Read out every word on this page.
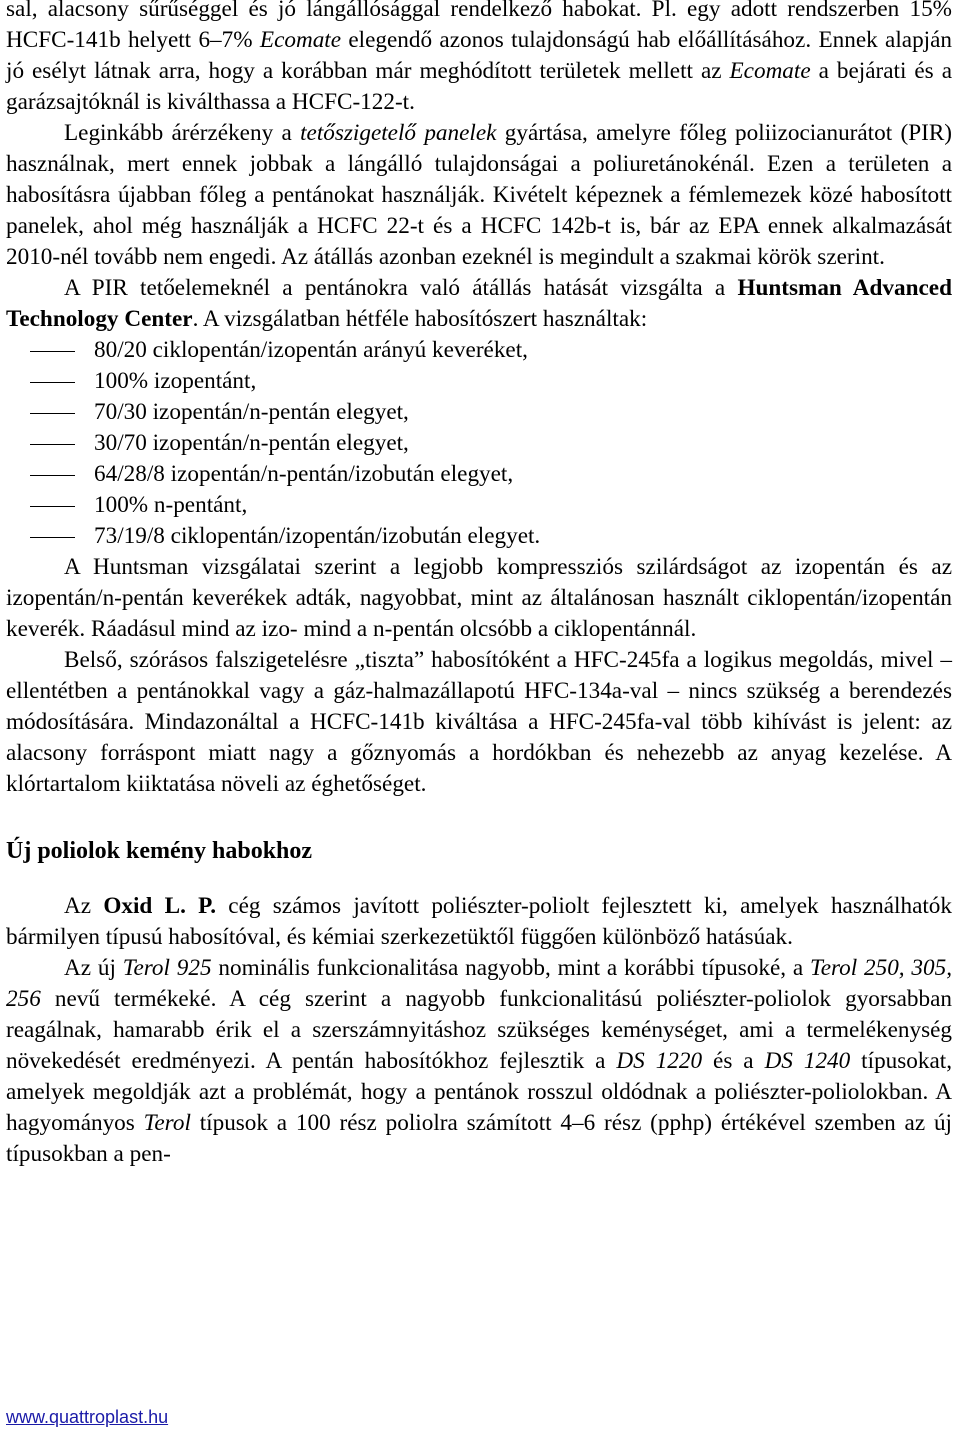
sal, alacsony sűrűséggel és jó lángállósággal rendelkező habokat. Pl. egy adott rendszerben 15% HCFC-141b helyett 6–7% Ecomate elegendő azonos tulajdonságú hab előállításához. Ennek alapján jó esélyt látnak arra, hogy a korábban már meghódított területek mellett az Ecomate a bejárati és a garázsajtóknál is kiválthassa a HCFC-122-t.

Leginkább árérzékeny a tetőszigetelő panelek gyártása, amelyre főleg poliizocianurátot (PIR) használnak, mert ennek jobbak a lángálló tulajdonságai a poliuretánokénál. Ezen a területen a habosításra újabban főleg a pentánokat használják. Kivételt képeznek a fémlemezek közé habosított panelek, ahol még használják a HCFC 22-t és a HCFC 142b-t is, bár az EPA ennek alkalmazását 2010-nél tovább nem engedi. Az átállás azonban ezeknél is megindult a szakmai körök szerint.

A PIR tetőelemeknél a pentánokra való átállás hatását vizsgálta a Huntsman Advanced Technology Center. A vizsgálatban hétféle habosítószert használtak:

80/20 ciklopentán/izopentán arányú keveréket,
100% izopentánt,
70/30 izopentán/n-pentán elegyet,
30/70 izopentán/n-pentán elegyet,
64/28/8 izopentán/n-pentán/izobután elegyet,
100% n-pentánt,
73/19/8 ciklopentán/izopentán/izobután elegyet.

A Huntsman vizsgálatai szerint a legjobb kompressziós szilárdságot az izopentán és az izopentán/n-pentán keverékek adták, nagyobbat, mint az általánosan használt ciklopentán/izopentán keverék. Ráadásul mind az izo- mind a n-pentán olcsóbb a ciklopentánnál.

Belső, szórásos falszigetelésre „tiszta” habosítóként a HFC-245fa a logikus megoldás, mivel – ellentétben a pentánokkal vagy a gáz-halmazállapotú HFC-134a-val – nincs szükség a berendezés módosítására. Mindazonáltal a HCFC-141b kiváltása a HFC-245fa-val több kihívást is jelent: az alacsony forráspont miatt nagy a gőznyomás a hordókban és nehezebb az anyag kezelése. A klórtartalom kiiktatása növeli az éghetőséget.

Új poliolok kemény habokhoz

Az Oxid L. P. cég számos javított poliészter-poliolt fejlesztett ki, amelyek használhatók bármilyen típusú habosítóval, és kémiai szerkezetüktől függően különböző hatásúak.

Az új Terol 925 nominális funkcionalitása nagyobb, mint a korábbi típusoké, a Terol 250, 305, 256 nevű termékeké. A cég szerint a nagyobb funkcionalitású poliészter-poliolok gyorsabban reagálnak, hamarabb érik el a szerszámnyitáshoz szükséges keménységet, ami a termelékenység növekedését eredményezi. A pentán habosítókhoz fejlesztik a DS 1220 és a DS 1240 típusokat, amelyek megoldják azt a problémát, hogy a pentánok rosszul oldódnak a poliészter-poliolokban. A hagyományos Terol típusok a 100 rész poliolra számított 4–6 rész (pphp) értékével szemben az új típusokban a pen-

www.quattroplast.hu
